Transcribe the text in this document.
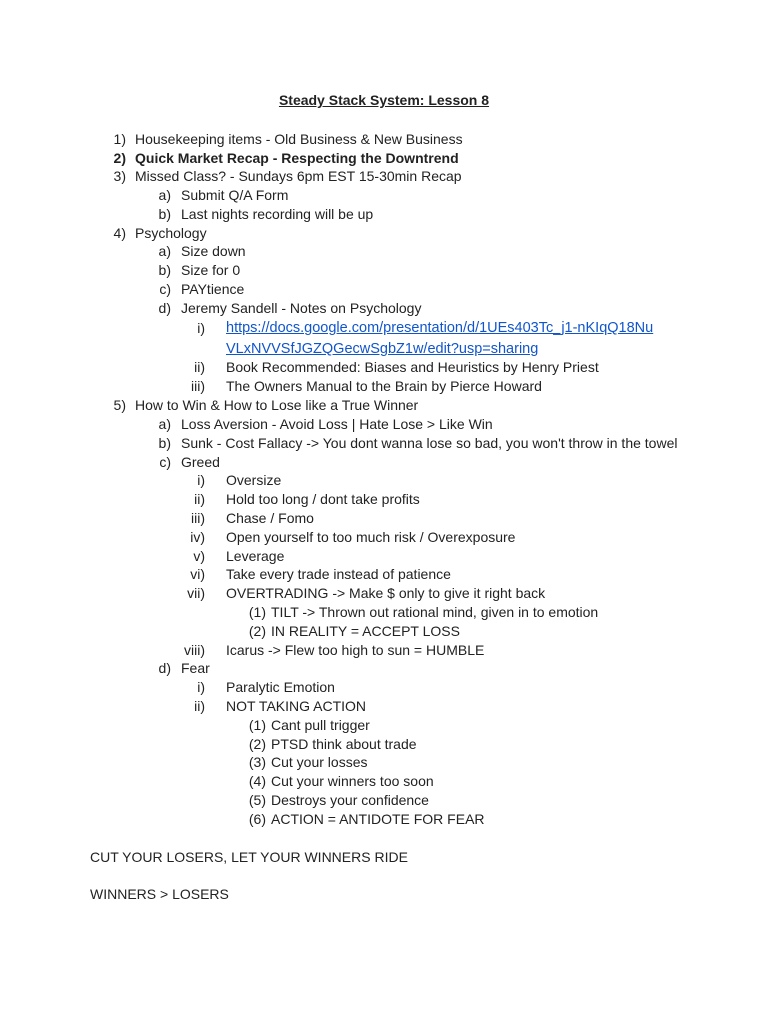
Steady Stack System: Lesson 8
1) Housekeeping items - Old Business & New Business
2) Quick Market Recap - Respecting the Downtrend
3) Missed Class? - Sundays 6pm EST 15-30min Recap
a) Submit Q/A Form
b) Last nights recording will be up
4) Psychology
a) Size down
b) Size for 0
c) PAYtience
d) Jeremy Sandell - Notes on Psychology
i) https://docs.google.com/presentation/d/1UEs403Tc_j1-nKIqQ18Nu
VLxNVVSfJGZQGecwSgbZ1w/edit?usp=sharing
ii) Book Recommended: Biases and Heuristics by Henry Priest
iii) The Owners Manual to the Brain by Pierce Howard
5) How to Win & How to Lose like a True Winner
a) Loss Aversion - Avoid Loss | Hate Lose > Like Win
b) Sunk - Cost Fallacy -> You dont wanna lose so bad, you won't throw in the towel
c) Greed
i) Oversize
ii) Hold too long / dont take profits
iii) Chase / Fomo
iv) Open yourself to too much risk / Overexposure
v) Leverage
vi) Take every trade instead of patience
vii) OVERTRADING -> Make $ only to give it right back
(1) TILT -> Thrown out rational mind, given in to emotion
(2) IN REALITY = ACCEPT LOSS
viii) Icarus -> Flew too high to sun = HUMBLE
d) Fear
i) Paralytic Emotion
ii) NOT TAKING ACTION
(1) Cant pull trigger
(2) PTSD think about trade
(3) Cut your losses
(4) Cut your winners too soon
(5) Destroys your confidence
(6) ACTION = ANTIDOTE FOR FEAR
CUT YOUR LOSERS, LET YOUR WINNERS RIDE
WINNERS > LOSERS
